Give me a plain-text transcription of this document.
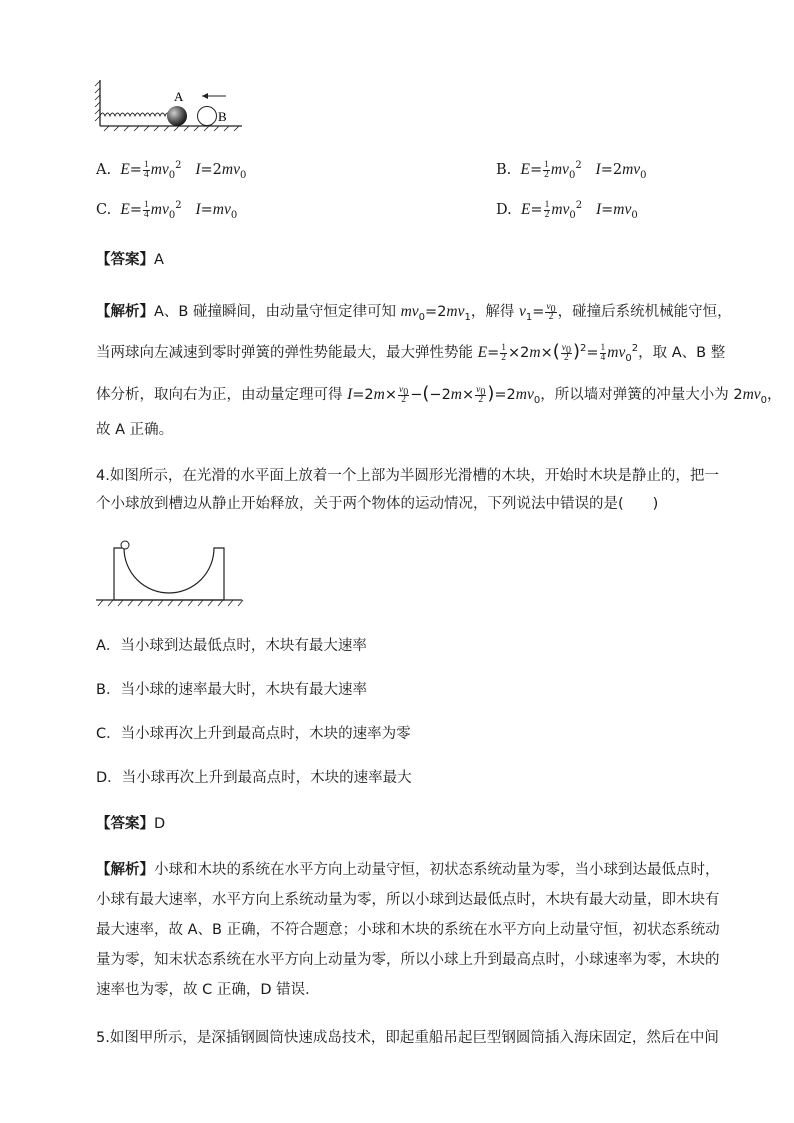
A
B
A. $E= \frac{1}{4} mv_0^2$ $I=2mv_0$	B. $E= \frac{1}{2} mv_0^2$ $I=2mv_0$
C. $E= \frac{1}{4} mv_0^2$ $I=mv_0$	D. $E= \frac{1}{2} mv_0^2$ $I=mv_0$
【答案】A
【解析】A、B 碰撞瞬间，由动量守恒定律可知 $mv_0=2mv_1$，解得 $v_1= \frac{v_0}{2}$ ，碰撞后系统机械能守恒，
当两球向左减速到零时弹簧的弹性势能最大，最大弹性势能 $E= \frac{1}{2} \times 2m\times( \frac{v_0}{2} )^2= \frac{1}{4} mv_0^2$，取 A、B 整
体分析，取向右为正，由动量定理可得 $I=2m\times \frac{v_0}{2} -(-2m\times \frac{v_0}{2} )=2mv_0$，所以墙对弹簧的冲量大小为 $2mv_0$，
故 A 正确。
4.如图所示，在光滑的水平面上放着一个上部为半圆形光滑槽的木块，开始时木块是静止的，把一
个小球放到槽边从静止开始释放，关于两个物体的运动情况，下列说法中错误的是(　　)
A．当小球到达最低点时，木块有最大速率
B．当小球的速率最大时，木块有最大速率
C．当小球再次上升到最高点时，木块的速率为零
D．当小球再次上升到最高点时，木块的速率最大
【答案】D
【解析】小球和木块的系统在水平方向上动量守恒，初状态系统动量为零，当小球到达最低点时，
小球有最大速率，水平方向上系统动量为零，所以小球到达最低点时，木块有最大动量，即木块有
最大速率，故 A、B 正确，不符合题意；小球和木块的系统在水平方向上动量守恒，初状态系统动
量为零，知末状态系统在水平方向上动量为零，所以小球上升到最高点时，小球速率为零，木块的
速率也为零，故 C 正确，D 错误．
5.如图甲所示，是深插钢圆筒快速成岛技术，即起重船吊起巨型钢圆筒插入海床固定，然后在中间
